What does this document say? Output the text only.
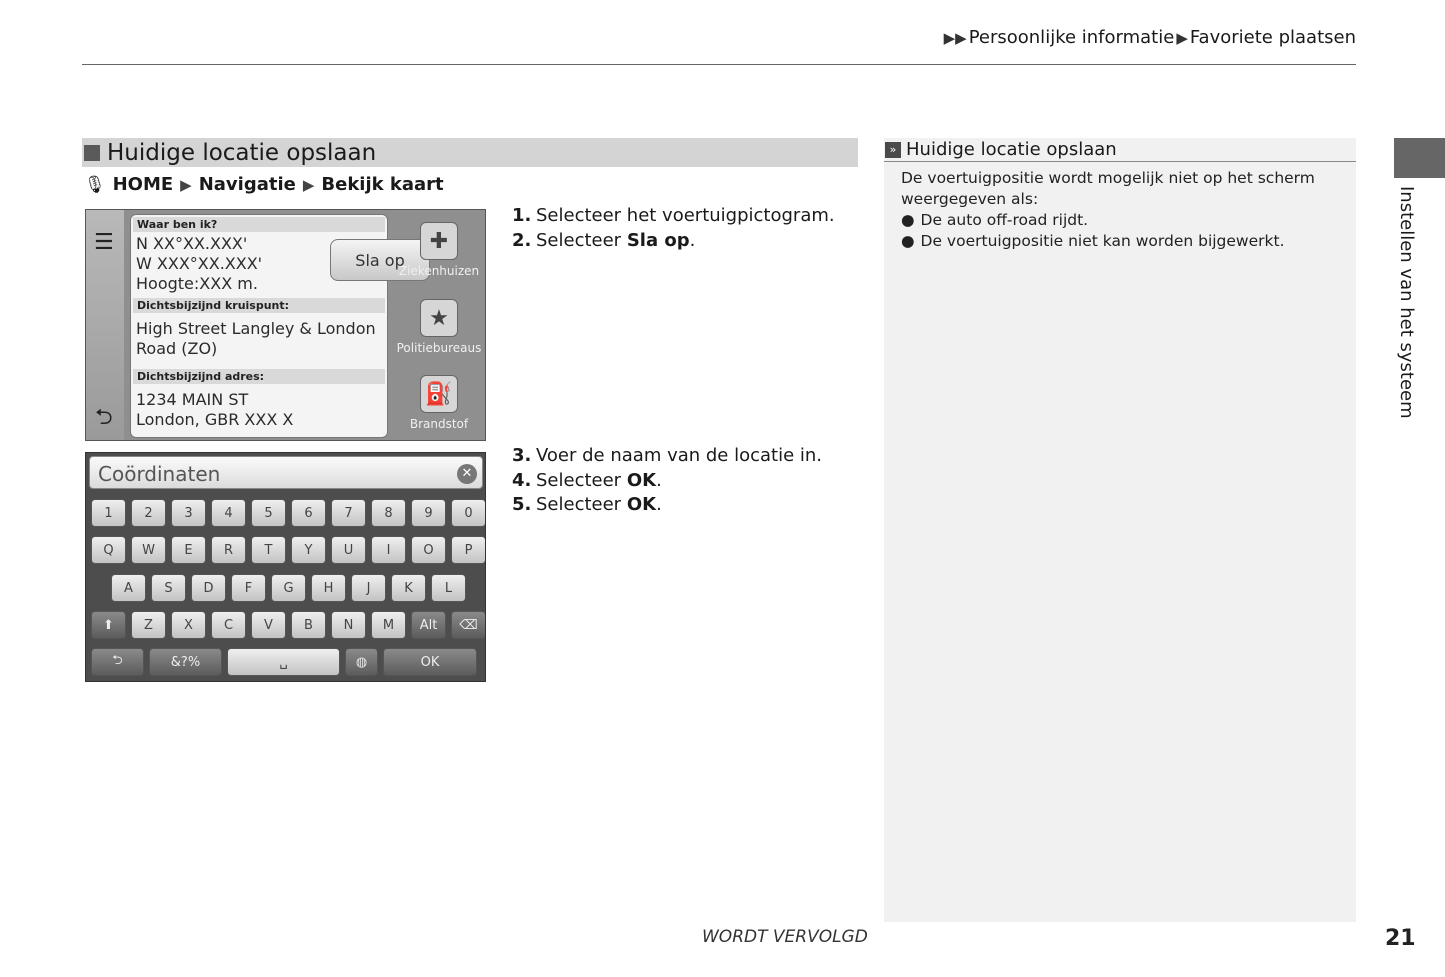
▶▶ Persoonlijke informatie ▶ Favoriete plaatsen
Huidige locatie opslaan
🎙︎ HOME ▶ Navigatie ▶ Bekijk kaart
1. Selecteer het voertuigpictogram.
2. Selecteer Sla op.
3. Voer de naam van de locatie in.
4. Selecteer OK.
5. Selecteer OK.
☰
⮌
Waar ben ik?
N XX°XX.XXX'
W XXX°XX.XXX'
Hoogte:XXX m.
Sla op
Dichtsbijzijnd kruispunt:
High Street Langley & London
Road (ZO)
Dichtsbijzijnd adres:
1234 MAIN ST
London, GBR XXX X
✚
Ziekenhuizen
★
Politiebureaus
⛽
Brandstof
Coördinaten	✕
1	2	3	4	5	6	7	8	9	0
Q	W	E	R	T	Y	U	I	O	P
A	S	D	F	G	H	J	K	L
⬆	Z	X	C	V	B	N	M	Alt	⌫
⮌	&?%	␣	◍	OK
» Huidige locatie opslaan
De voertuigpositie wordt mogelijk niet op het scherm weergegeven als:
● De auto off-road rijdt.
● De voertuigpositie niet kan worden bijgewerkt.	Instellen van het systeem
WORDT VERVOLGD	21
